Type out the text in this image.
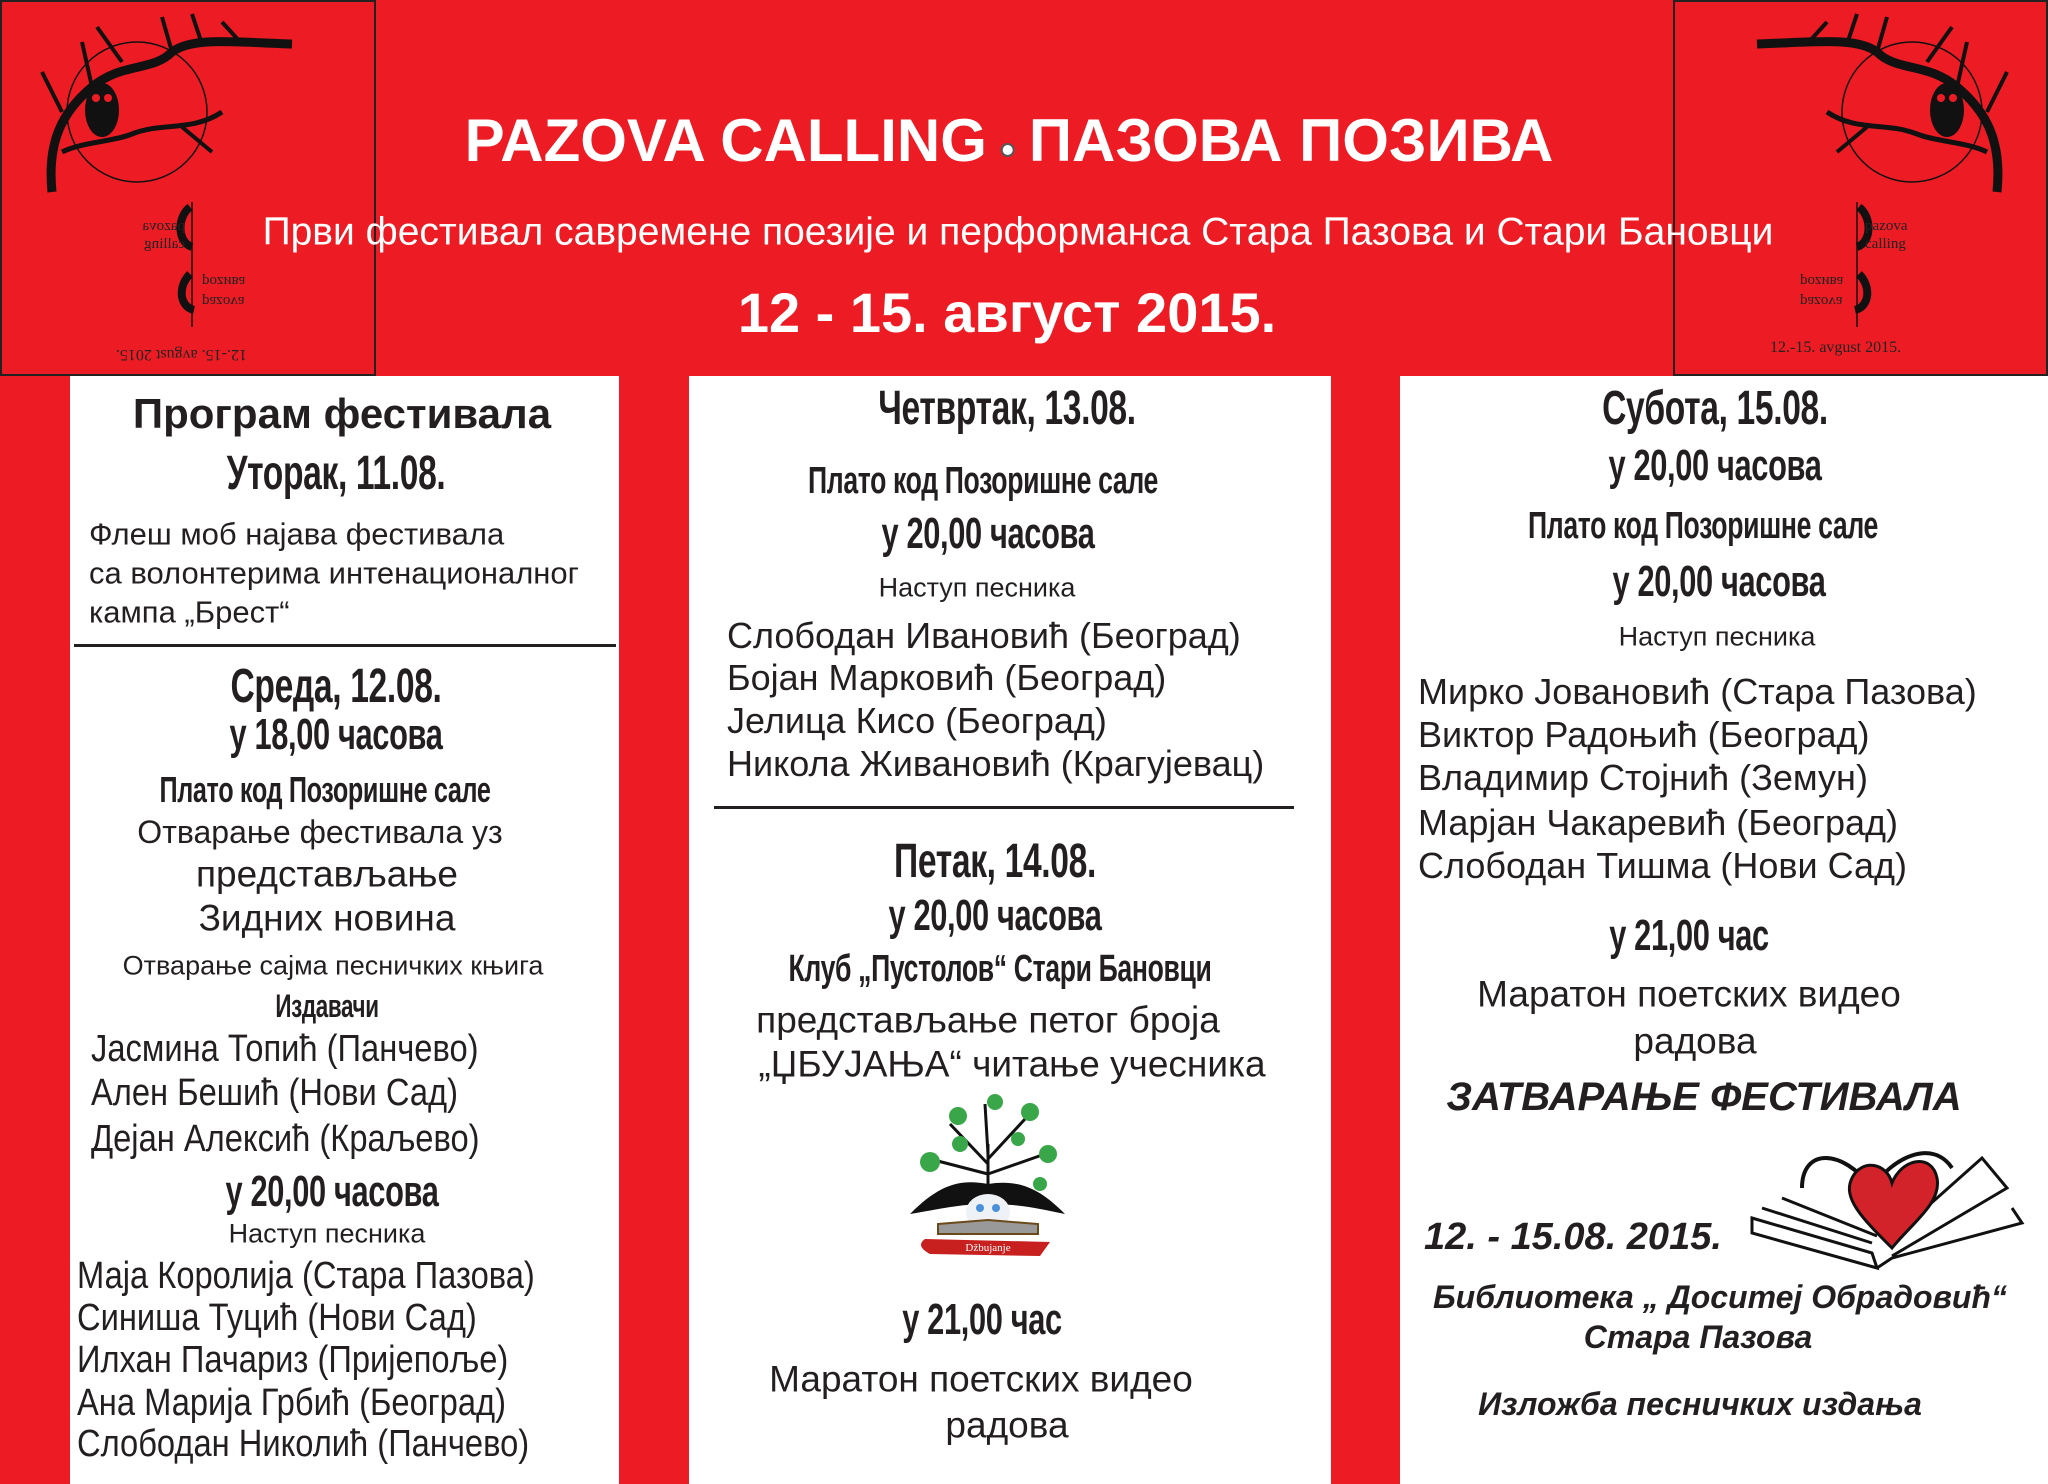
pazova
calling
pozива
pazova
12.-15. avgust 2015.
pazova
calling
12.-15. avgust 2015.
pozива
pazova
PAZOVA CALLING ПАЗОВА ПОЗИВА
Први фестивал савремене поезије и перформанса Стара Пазова и Стари Бановци
12 - 15. август 2015.
Програм фестивала
Уторак, 11.08.
Флеш моб најава фестивала
са волонтерима интенационалног
кампа „Брест“
Среда, 12.08.
у 18,00 часова
Плато код Позоришне сале
Отварање фестивала уз
представљање
Зидних новина
Отварање сајма песничких књига
Издавачи
Јасмина Топић (Панчево)
Ален Бешић (Нови Сад)
Дејан Алексић (Краљево)
у 20,00 часова
Наступ песника
Маја Королија (Стара Пазова)
Синиша Туцић (Нови Сад)
Илхан Пачариз (Пријепоље)
Ана Марија Грбић (Београд)
Слободан Николић (Панчево)
Четвртак, 13.08.
Плато код Позоришне сале
у 20,00 часова
Наступ песника
Слободан Ивановић (Београд)
Бојан Марковић (Београд)
Јелица Кисо (Београд)
Никола Живановић (Крагујевац)
Петак, 14.08.
у 20,00 часова
Клуб „Пустолов“ Стари Бановци
представљање петог броја
„ЏБУЈАЊА“ читање учесника
Džbujanje
у 21,00 час
Маратон поетских видео
радова
Субота, 15.08.
у 20,00 часова
Плато код Позоришне сале
у 20,00 часова
Наступ песника
Мирко Јовановић (Стара Пазова)
Виктор Радоњић (Београд)
Владимир Стојнић (Земун)
Марјан Чакаревић (Београд)
Слободан Тишма (Нови Сад)
у 21,00 час
Маратон поетских видео
радова
ЗАТВАРАЊЕ ФЕСТИВАЛА
12. - 15.08. 2015.
Библиотека „ Доситеј Обрадовић“
Стара Пазова
Изложба песничких издања
